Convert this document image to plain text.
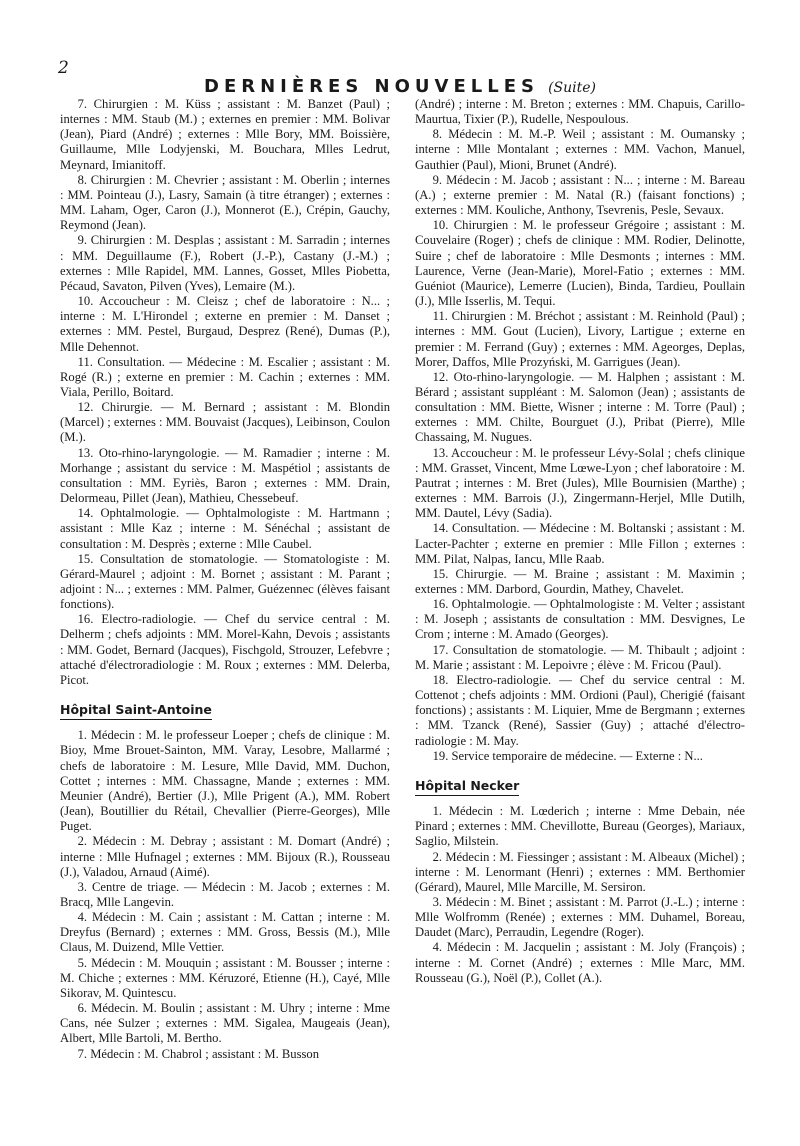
2
DERNIÈRES NOUVELLES (Suite)

7. Chirurgien : M. Küss ; assistant : M. Banzet (Paul) ; internes : MM. Staub (M.) ; externes en premier : MM. Bolivar (Jean), Piard (André) ; externes : Mlle Bory, MM. Boissière, Guillaume, Mlle Lodyjenski, M. Bouchara, Mlles Ledrut, Meynard, Imianitoff.

8. Chirurgien : M. Chevrier ; assistant : M. Oberlin ; internes : MM. Pointeau (J.), Lasry, Samain (à titre étranger) ; externes : MM. Laham, Oger, Caron (J.), Monnerot (E.), Crépin, Gauchy, Reymond (Jean).

9. Chirurgien : M. Desplas ; assistant : M. Sarradin ; internes : MM. Deguillaume (F.), Robert (J.-P.), Castany (J.-M.) ; externes : Mlle Rapidel, MM. Lannes, Gosset, Mlles Piobetta, Pécaud, Savaton, Pilven (Yves), Lemaire (M.).

10. Accoucheur : M. Cleisz ; chef de laboratoire : N... ; interne : M. L'Hirondel ; externe en premier : M. Danset ; externes : MM. Pestel, Burgaud, Desprez (René), Dumas (P.), Mlle Dehennot.

11. Consultation. — Médecine : M. Escalier ; assistant : M. Rogé (R.) ; externe en premier : M. Cachin ; externes : MM. Viala, Perillo, Boitard.

12. Chirurgie. — M. Bernard ; assistant : M. Blondin (Marcel) ; externes : MM. Bouvaist (Jacques), Leibinson, Coulon (M.).

13. Oto-rhino-laryngologie. — M. Ramadier ; interne : M. Morhange ; assistant du service : M. Maspétiol ; assistants de consultation : MM. Eyriès, Baron ; externes : MM. Drain, Delormeau, Pillet (Jean), Mathieu, Chessebeuf.

14. Ophtalmologie. — Ophtalmologiste : M. Hartmann ; assistant : Mlle Kaz ; interne : M. Sénéchal ; assistant de consultation : M. Desprès ; externe : Mlle Caubel.

15. Consultation de stomatologie. — Stomatologiste : M. Gérard-Maurel ; adjoint : M. Bornet ; assistant : M. Parant ; adjoint : N... ; externes : MM. Palmer, Guézennec (élèves faisant fonctions).

16. Electro-radiologie. — Chef du service central : M. Delherm ; chefs adjoints : MM. Morel-Kahn, Devois ; assistants : MM. Godet, Bernard (Jacques), Fischgold, Strouzer, Lefebvre ; attaché d'électroradiologie : M. Roux ; externes : MM. Delerba, Picot.

Hôpital Saint-Antoine

1. Médecin : M. le professeur Loeper ; chefs de clinique : M. Bioy, Mme Brouet-Sainton, MM. Varay, Lesobre, Mallarmé ; chefs de laboratoire : M. Lesure, Mlle David, MM. Duchon, Cottet ; internes : MM. Chassagne, Mande ; externes : MM. Meunier (André), Bertier (J.), Mlle Prigent (A.), MM. Robert (Jean), Boutillier du Rétail, Chevallier (Pierre-Georges), Mlle Puget.

2. Médecin : M. Debray ; assistant : M. Domart (André) ; interne : Mlle Hufnagel ; externes : MM. Bijoux (R.), Rousseau (J.), Valadou, Arnaud (Aimé).

3. Centre de triage. — Médecin : M. Jacob ; externes : M. Bracq, Mlle Langevin.

4. Médecin : M. Cain ; assistant : M. Cattan ; interne : M. Dreyfus (Bernard) ; externes : MM. Gross, Bessis (M.), Mlle Claus, M. Duizend, Mlle Vettier.

5. Médecin : M. Mouquin ; assistant : M. Bousser ; interne : M. Chiche ; externes : MM. Kéruzoré, Etienne (H.), Cayé, Mlle Sikorav, M. Quintescu.

6. Médecin. M. Boulin ; assistant : M. Uhry ; interne : Mme Cans, née Sulzer ; externes : MM. Sigalea, Maugeais (Jean), Albert, Mlle Bartoli, M. Bertho.

7. Médecin : M. Chabrol ; assistant : M. Busson

(André) ; interne : M. Breton ; externes : MM. Chapuis, Carillo-Maurtua, Tixier (P.), Rudelle, Nespoulous.

8. Médecin : M. M.-P. Weil ; assistant : M. Oumansky ; interne : Mlle Montalant ; externes : MM. Vachon, Manuel, Gauthier (Paul), Mioni, Brunet (André).

9. Médecin : M. Jacob ; assistant : N... ; interne : M. Bareau (A.) ; externe premier : M. Natal (R.) (faisant fonctions) ; externes : MM. Kouliche, Anthony, Tsevrenis, Pesle, Sevaux.

10. Chirurgien : M. le professeur Grégoire ; assistant : M. Couvelaire (Roger) ; chefs de clinique : MM. Rodier, Delinotte, Suire ; chef de laboratoire : Mlle Desmonts ; internes : MM. Laurence, Verne (Jean-Marie), Morel-Fatio ; externes : MM. Guéniot (Maurice), Lemerre (Lucien), Binda, Tardieu, Poullain (J.), Mlle Isserlis, M. Tequi.

11. Chirurgien : M. Bréchot ; assistant : M. Reinhold (Paul) ; internes : MM. Gout (Lucien), Livory, Lartigue ; externe en premier : M. Ferrand (Guy) ; externes : MM. Ageorges, Deplas, Morer, Daffos, Mlle Prozyński, M. Garrigues (Jean).

12. Oto-rhino-laryngologie. — M. Halphen ; assistant : M. Bérard ; assistant suppléant : M. Salomon (Jean) ; assistants de consultation : MM. Biette, Wisner ; interne : M. Torre (Paul) ; externes : MM. Chilte, Bourguet (J.), Pribat (Pierre), Mlle Chassaing, M. Nugues.

13. Accoucheur : M. le professeur Lévy-Solal ; chefs clinique : MM. Grasset, Vincent, Mme Lœwe-Lyon ; chef laboratoire : M. Pautrat ; internes : M. Bret (Jules), Mlle Bournisien (Marthe) ; externes : MM. Barrois (J.), Zingermann-Herjel, Mlle Dutilh, MM. Dautel, Lévy (Sadia).

14. Consultation. — Médecine : M. Boltanski ; assistant : M. Lacter-Pachter ; externe en premier : Mlle Fillon ; externes : MM. Pilat, Nalpas, Iancu, Mlle Raab.

15. Chirurgie. — M. Braine ; assistant : M. Maximin ; externes : MM. Darbord, Gourdin, Mathey, Chavelet.

16. Ophtalmologie. — Ophtalmologiste : M. Velter ; assistant : M. Joseph ; assistants de consultation : MM. Desvignes, Le Crom ; interne : M. Amado (Georges).

17. Consultation de stomatologie. — M. Thibault ; adjoint : M. Marie ; assistant : M. Lepoivre ; élève : M. Fricou (Paul).

18. Electro-radiologie. — Chef du service central : M. Cottenot ; chefs adjoints : MM. Ordioni (Paul), Cherigié (faisant fonctions) ; assistants : M. Liquier, Mme de Bergmann ; externes : MM. Tzanck (René), Sassier (Guy) ; attaché d'électro-radiologie : M. May.

19. Service temporaire de médecine. — Externe : N...

Hôpital Necker

1. Médecin : M. Lœderich ; interne : Mme Debain, née Pinard ; externes : MM. Chevillotte, Bureau (Georges), Mariaux, Saglio, Milstein.

2. Médecin : M. Fiessinger ; assistant : M. Albeaux (Michel) ; interne : M. Lenormant (Henri) ; externes : MM. Berthomier (Gérard), Maurel, Mlle Marcille, M. Sersiron.

3. Médecin : M. Binet ; assistant : M. Parrot (J.-L.) ; interne : Mlle Wolfromm (Renée) ; externes : MM. Duhamel, Boreau, Daudet (Marc), Perraudin, Legendre (Roger).

4. Médecin : M. Jacquelin ; assistant : M. Joly (François) ; interne : M. Cornet (André) ; externes : Mlle Marc, MM. Rousseau (G.), Noël (P.), Collet (A.).
